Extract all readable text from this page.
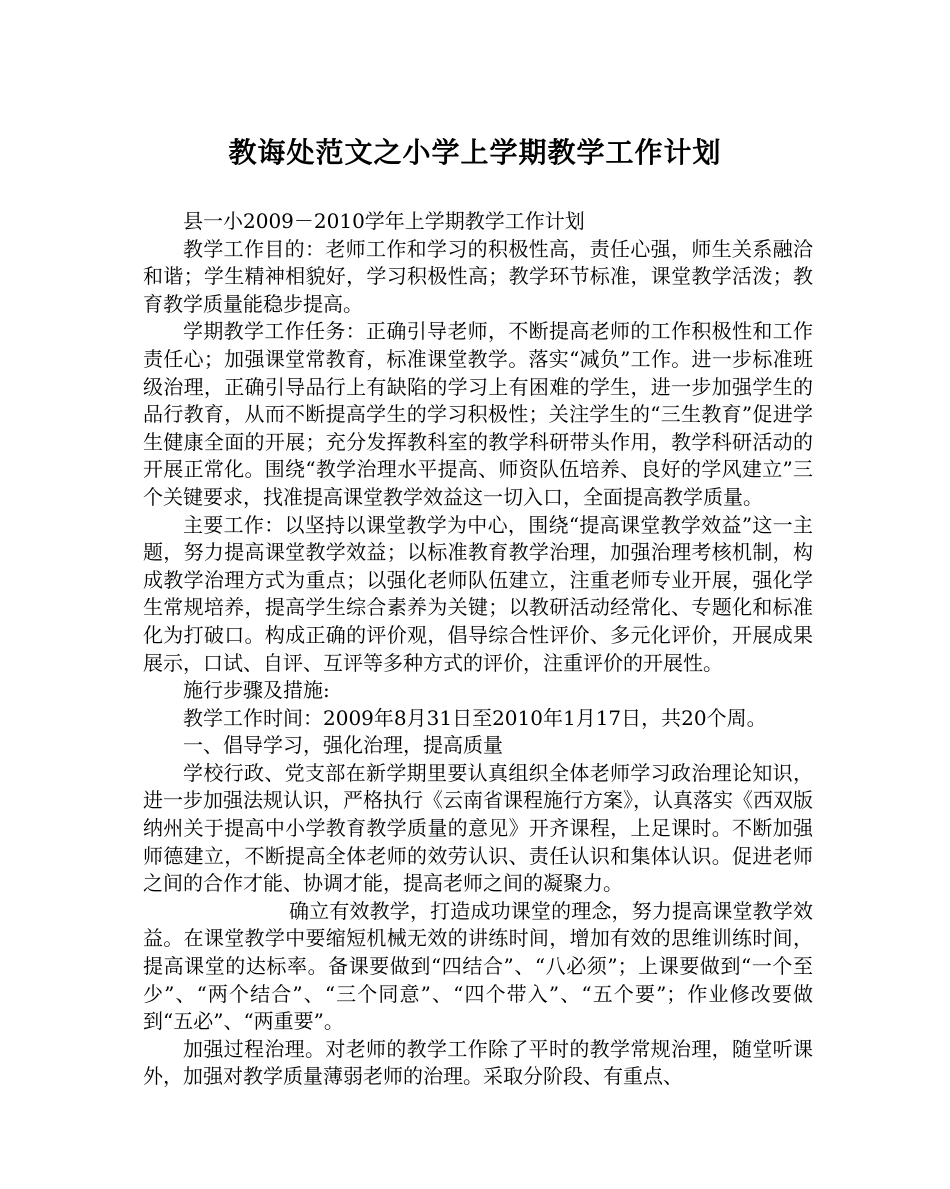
教诲处范文之小学上学期教学工作计划

县一小2009－2010学年上学期教学工作计划

教学工作目的：老师工作和学习的积极性高，责任心强，师生关系融洽和谐；学生精神相貌好，学习积极性高；教学环节标准，课堂教学活泼；教育教学质量能稳步提高。

学期教学工作任务：正确引导老师，不断提高老师的工作积极性和工作责任心；加强课堂常教育，标准课堂教学。落实“减负”工作。进一步标准班级治理，正确引导品行上有缺陷的学习上有困难的学生，进一步加强学生的品行教育，从而不断提高学生的学习积极性；关注学生的“三生教育”促进学生健康全面的开展；充分发挥教科室的教学科研带头作用，教学科研活动的开展正常化。围绕“教学治理水平提高、师资队伍培养、良好的学风建立”三个关键要求，找准提高课堂教学效益这一切入口，全面提高教学质量。

主要工作：以坚持以课堂教学为中心，围绕“提高课堂教学效益”这一主题，努力提高课堂教学效益；以标准教育教学治理，加强治理考核机制，构成教学治理方式为重点；以强化老师队伍建立，注重老师专业开展，强化学生常规培养，提高学生综合素养为关键；以教研活动经常化、专题化和标准化为打破口。构成正确的评价观，倡导综合性评价、多元化评价，开展成果展示，口试、自评、互评等多种方式的评价，注重评价的开展性。

施行步骤及措施:

教学工作时间：2009年8月31日至2010年1月17日，共20个周。

一、倡导学习，强化治理，提高质量

学校行政、党支部在新学期里要认真组织全体老师学习政治理论知识，进一步加强法规认识，严格执行《云南省课程施行方案》，认真落实《西双版纳州关于提高中小学教育教学质量的意见》开齐课程，上足课时。不断加强师德建立，不断提高全体老师的效劳认识、责任认识和集体认识。促进老师之间的合作才能、协调才能，提高老师之间的凝聚力。

确立有效教学，打造成功课堂的理念，努力提高课堂教学效益。在课堂教学中要缩短机械无效的讲练时间，增加有效的思维训练时间，提高课堂的达标率。备课要做到“四结合”、“八必须”；上课要做到“一个至少”、“两个结合”、“三个同意”、“四个带入”、“五个要”；作业修改要做到“五必”、“两重要”。

加强过程治理。对老师的教学工作除了平时的教学常规治理，随堂听课外，加强对教学质量薄弱老师的治理。采取分阶段、有重点、
